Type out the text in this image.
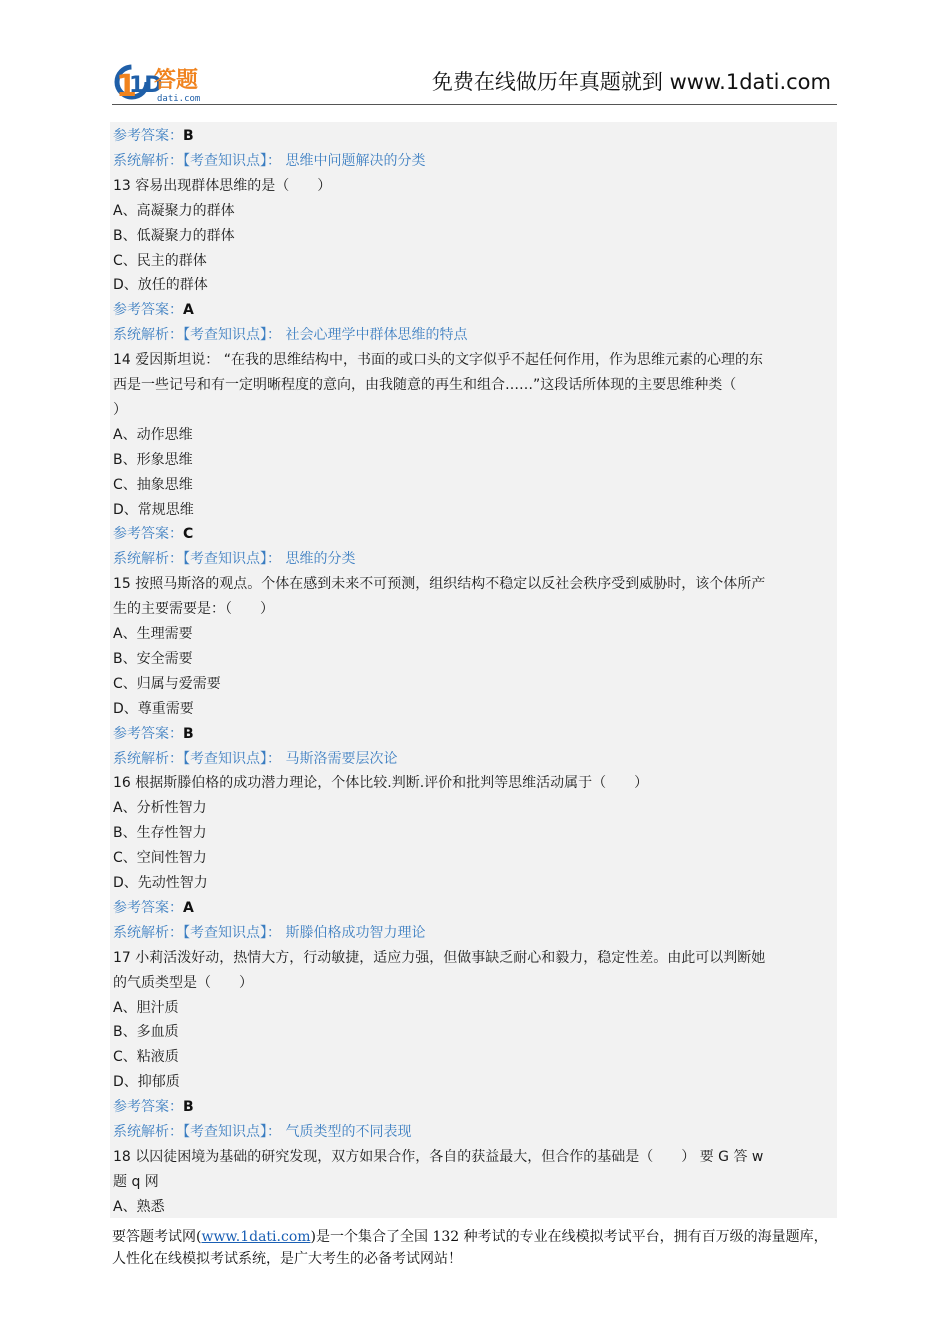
1
1D
答题
dati.com
免费在线做历年真题就到 www.1dati.com
参考答案：B
系统解析：【考查知识点】： 思维中问题解决的分类
13 容易出现群体思维的是（　　）
A、高凝聚力的群体
B、低凝聚力的群体
C、民主的群体
D、放任的群体
参考答案：A
系统解析：【考查知识点】： 社会心理学中群体思维的特点
14 爱因斯坦说： “在我的思维结构中，书面的或口头的文字似乎不起任何作用，作为思维元素的心理的东
西是一些记号和有一定明晰程度的意向，由我随意的再生和组合……”这段话所体现的主要思维种类（
）
A、动作思维
B、形象思维
C、抽象思维
D、常规思维
参考答案：C
系统解析：【考查知识点】： 思维的分类
15 按照马斯洛的观点。个体在感到未来不可预测，组织结构不稳定以反社会秩序受到威胁时，该个体所产
生的主要需要是：（　　）
A、生理需要
B、安全需要
C、归属与爱需要
D、尊重需要
参考答案：B
系统解析：【考查知识点】： 马斯洛需要层次论
16 根据斯滕伯格的成功潜力理论，个体比较.判断.评价和批判等思维活动属于（　　）
A、分析性智力
B、生存性智力
C、空间性智力
D、先动性智力
参考答案：A
系统解析：【考查知识点】： 斯滕伯格成功智力理论
17 小莉活泼好动，热情大方，行动敏捷，适应力强，但做事缺乏耐心和毅力，稳定性差。由此可以判断她
的气质类型是（　　）
A、胆汁质
B、多血质
C、粘液质
D、抑郁质
参考答案：B
系统解析：【考查知识点】： 气质类型的不同表现
18 以囚徒困境为基础的研究发现，双方如果合作，各自的获益最大，但合作的基础是（　　） 要 G 答 w
题 q 网
A、熟悉
要答题考试网(www.1dati.com)是一个集合了全国 132 种考试的专业在线模拟考试平台，拥有百万级的海量题库，人性化在线模拟考试系统，是广大考生的必备考试网站！
